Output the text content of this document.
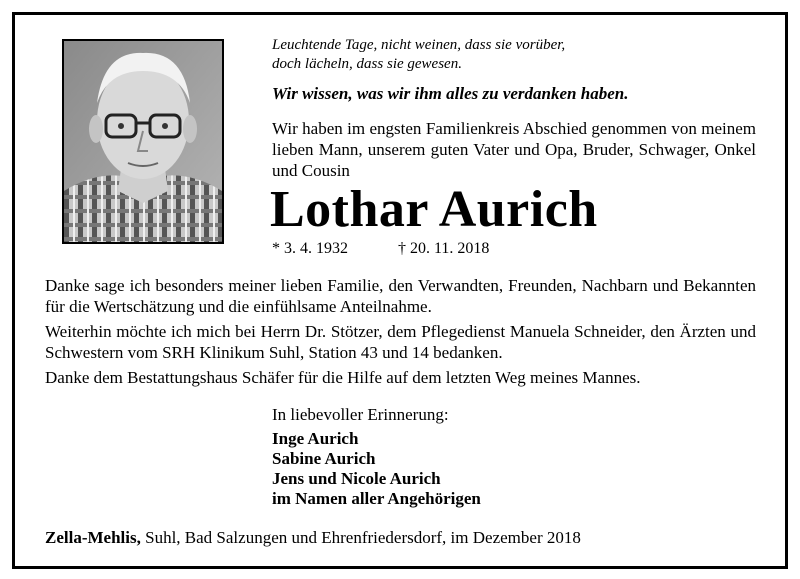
Leuchtende Tage, nicht weinen, dass sie vorüber,
doch lächeln, dass sie gewesen.
Wir wissen, was wir ihm alles zu verdanken haben.
Wir haben im engsten Familienkreis Abschied genommen von meinem lieben Mann, unserem guten Vater und Opa, Bruder, Schwager, Onkel und Cousin
Lothar Aurich
* 3. 4. 1932	† 20. 11. 2018

Danke sage ich besonders meiner lieben Familie, den Verwandten, Freunden, Nachbarn und Bekannten für die Wertschätzung und die einfühlsame Anteilnahme.

Weiterhin möchte ich mich bei Herrn Dr. Stötzer, dem Pflegedienst Manuela Schneider, den Ärzten und Schwestern vom SRH Klinikum Suhl, Station 43 und 14 bedanken.

Danke dem Bestattungshaus Schäfer für die Hilfe auf dem letzten Weg meines Mannes.

In liebevoller Erinnerung:
Inge Aurich
Sabine Aurich
Jens und Nicole Aurich
im Namen aller Angehörigen
Zella-Mehlis, Suhl, Bad Salzungen und Ehrenfriedersdorf, im Dezember 2018
